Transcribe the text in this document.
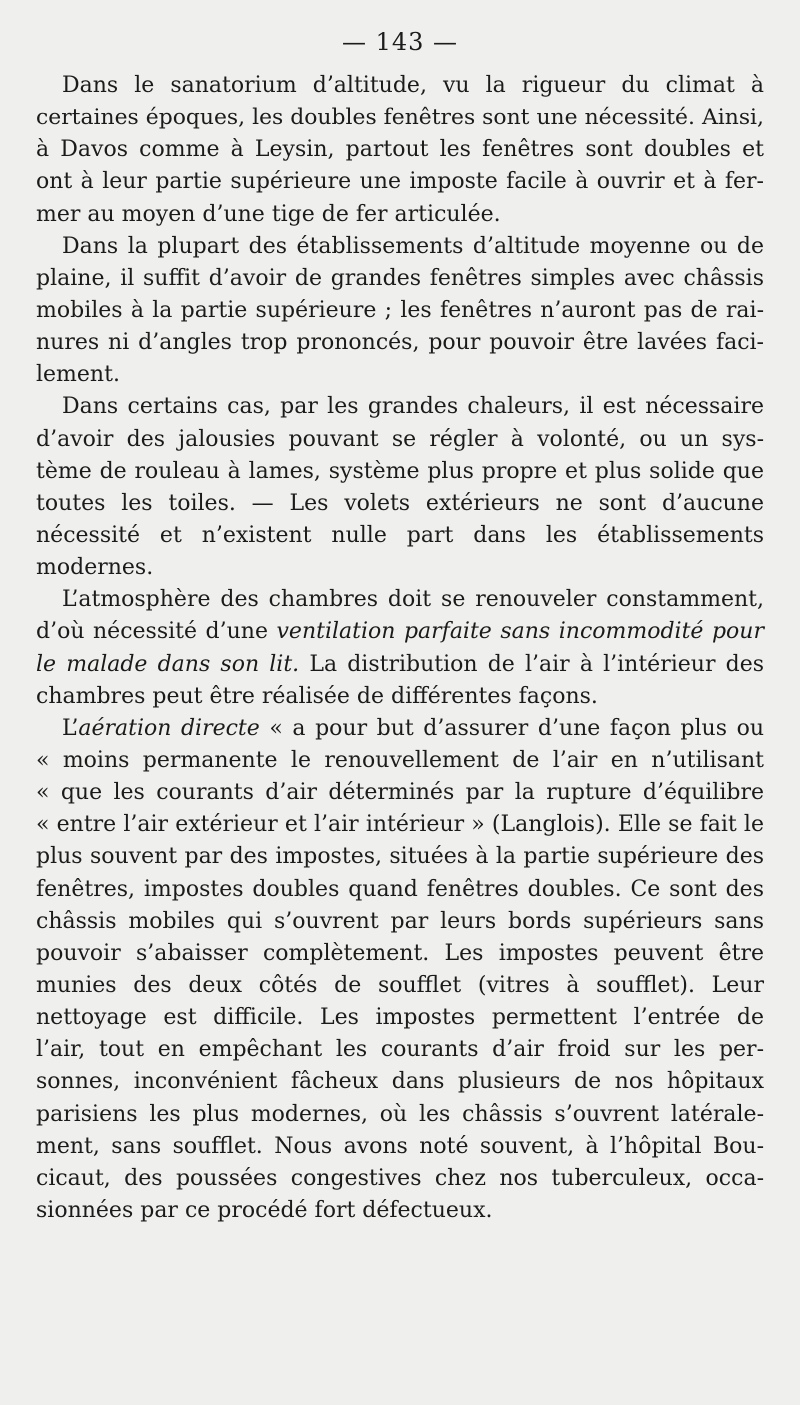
— 143 —
Dans le sanatorium d’altitude, vu la rigueur du climat à
certaines époques, les doubles fenêtres sont une nécessité. Ainsi,
à Davos comme à Leysin, partout les fenêtres sont doubles et
ont à leur partie supérieure une imposte facile à ouvrir et à fer-
mer au moyen d’une tige de fer articulée.
Dans la plupart des établissements d’altitude moyenne ou de
plaine, il suffit d’avoir de grandes fenêtres simples avec châssis
mobiles à la partie supérieure ; les fenêtres n’auront pas de rai-
nures ni d’angles trop prononcés, pour pouvoir être lavées faci-
lement.
Dans certains cas, par les grandes chaleurs, il est nécessaire
d’avoir des jalousies pouvant se régler à volonté, ou un sys-
tème de rouleau à lames, système plus propre et plus solide que
toutes les toiles. — Les volets extérieurs ne sont d’aucune
nécessité et n’existent nulle part dans les établissements
modernes.
L’atmosphère des chambres doit se renouveler constamment,
d’où nécessité d’une ventilation parfaite sans incommodité pour
le malade dans son lit. La distribution de l’air à l’intérieur des
chambres peut être réalisée de différentes façons.
L’aération directe « a pour but d’assurer d’une façon plus ou
« moins permanente le renouvellement de l’air en n’utilisant
« que les courants d’air déterminés par la rupture d’équilibre
« entre l’air extérieur et l’air intérieur » (Langlois). Elle se fait le
plus souvent par des impostes, situées à la partie supérieure des
fenêtres, impostes doubles quand fenêtres doubles. Ce sont des
châssis mobiles qui s’ouvrent par leurs bords supérieurs sans
pouvoir s’abaisser complètement. Les impostes peuvent être
munies des deux côtés de soufflet (vitres à soufflet). Leur
nettoyage est difficile. Les impostes permettent l’entrée de
l’air, tout en empêchant les courants d’air froid sur les per-
sonnes, inconvénient fâcheux dans plusieurs de nos hôpitaux
parisiens les plus modernes, où les châssis s’ouvrent latérale-
ment, sans soufflet. Nous avons noté souvent, à l’hôpital Bou-
cicaut, des poussées congestives chez nos tuberculeux, occa-
sionnées par ce procédé fort défectueux.
